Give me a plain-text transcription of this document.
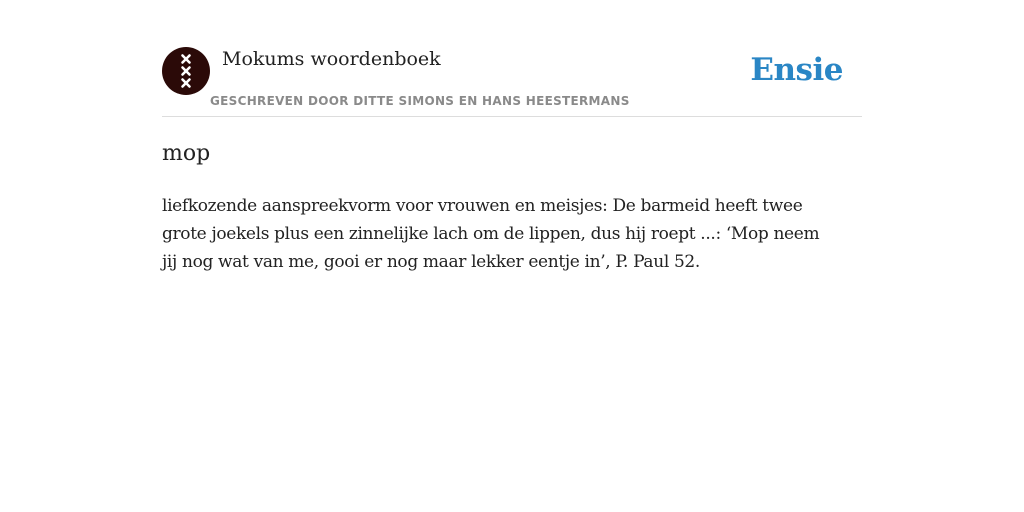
Mokums woordenboek
GESCHREVEN DOOR DITTE SIMONS EN HANS HEESTERMANS
Ensie
mop

liefkozende aanspreekvorm voor vrouwen en meisjes: De barmeid heeft twee
grote joekels plus een zinnelijke lach om de lippen, dus hij roept ...: ‘Mop neem
jij nog wat van me, gooi er nog maar lekker eentje in’, P. Paul 52.
